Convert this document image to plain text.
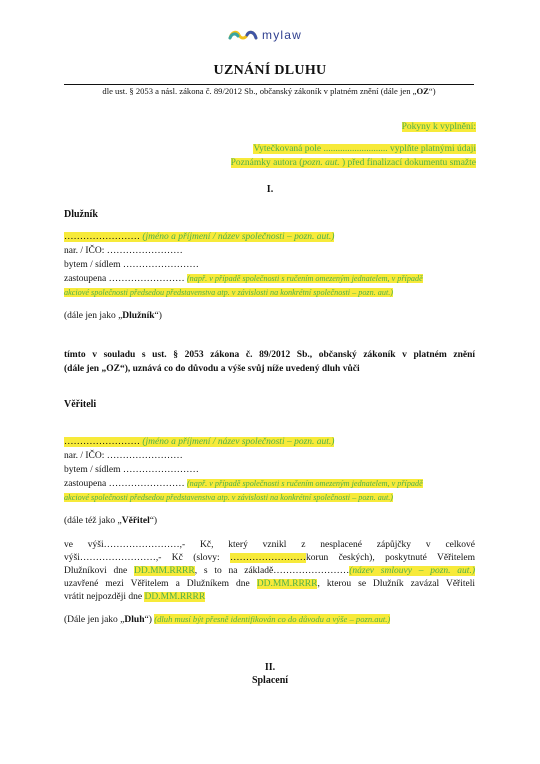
mylaw
UZNÁNÍ DLUHU
dle ust. § 2053 a násl. zákona č. 89/2012 Sb., občanský zákoník v platném znění (dále jen „OZ“)
Pokyny k vyplnění:
Vytečkovaná pole ........................... vyplňte platnými údaji
Poznámky autora (pozn. aut. ) před finalizací dokumentu smažte
I.
Dlužník
…………………… (jméno a příjmení / název společnosti – pozn. aut.)
nar. / IČO: ……………………
bytem / sídlem ……………………
zastoupena …………………… (např. v případě společnosti s ručením omezeným jednatelem, v případě
akciové společnosti předsedou představenstva atp. v závislosti na konkrétní společnosti – pozn. aut.)
(dále jen jako „Dlužník“)
tímto v souladu s ust. § 2053 zákona č. 89/2012 Sb., občanský zákoník v platném znění
(dále jen „OZ“), uznává co do důvodu a výše svůj níže uvedený dluh vůči
Věřiteli
…………………… (jméno a příjmení / název společnosti – pozn. aut.)
nar. / IČO: ……………………
bytem / sídlem ……………………
zastoupena …………………… (např. v případě společnosti s ručením omezeným jednatelem, v případě
akciové společnosti předsedou představenstva atp. v závislosti na konkrétní společnosti – pozn. aut.)
(dále též jako „Věřitel“)
ve výši……………………,- Kč, který vznikl z nesplacené zápůjčky v celkové
výši……………………,- Kč (slovy: ……………………korun českých), poskytnuté Věřitelem
Dlužníkovi dne DD.MM.RRRR, s to na základě……………………(název smlouvy – pozn. aut.)
uzavřené mezi Věřitelem a Dlužníkem dne DD.MM.RRRR, kterou se Dlužník zavázal Věřiteli
vrátit nejpozději dne DD.MM.RRRR
(Dále jen jako „Dluh“) (dluh musí být přesně identifikován co do důvodu a výše – pozn.aut.)
II.
Splacení
